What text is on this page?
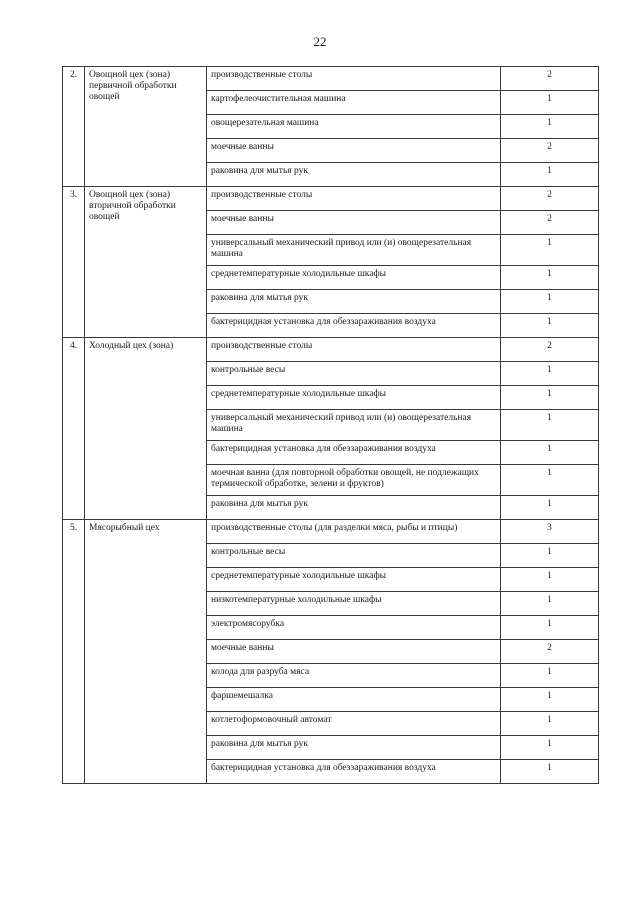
22
2.	Овощной цех (зона) первичной обработки овощей	производственные столы	2
		картофелеочистительная машина	1
		овощерезательная машина	1
		моечные ванны	2
		раковина для мытья рук	1
3.	Овощной цех (зона) вторичной обработки овощей	производственные столы	2
		моечные ванны	2
		универсальный механический привод или (и) овощерезательная машина	1
		среднетемпературные холодильные шкафы	1
		раковина для мытья рук	1
		бактерицидная установка для обеззараживания воздуха	1
4.	Холодный цех (зона)	производственные столы	2
		контрольные весы	1
		среднетемпературные холодильные шкафы	1
		универсальный механический привод или (и) овощерезательная машина	1
		бактерицидная установка для обеззараживания воздуха	1
		моечная ванна (для повторной обработки овощей, не подлежащих термической обработке, зелени и фруктов)	1
		раковина для мытья рук	1
5.	Мясорыбный цех	производственные столы (для разделки мяса, рыбы и птицы)	3
		контрольные весы	1
		среднетемпературные холодильные шкафы	1
		низкотемпературные холодильные шкафы	1
		электромясорубка	1
		моечные ванны	2
		колода для разруба мяса	1
		фаршемешалка	1
		котлетоформовочный автомат	1
		раковина для мытья рук	1
		бактерицидная установка для обеззараживания воздуха	1
